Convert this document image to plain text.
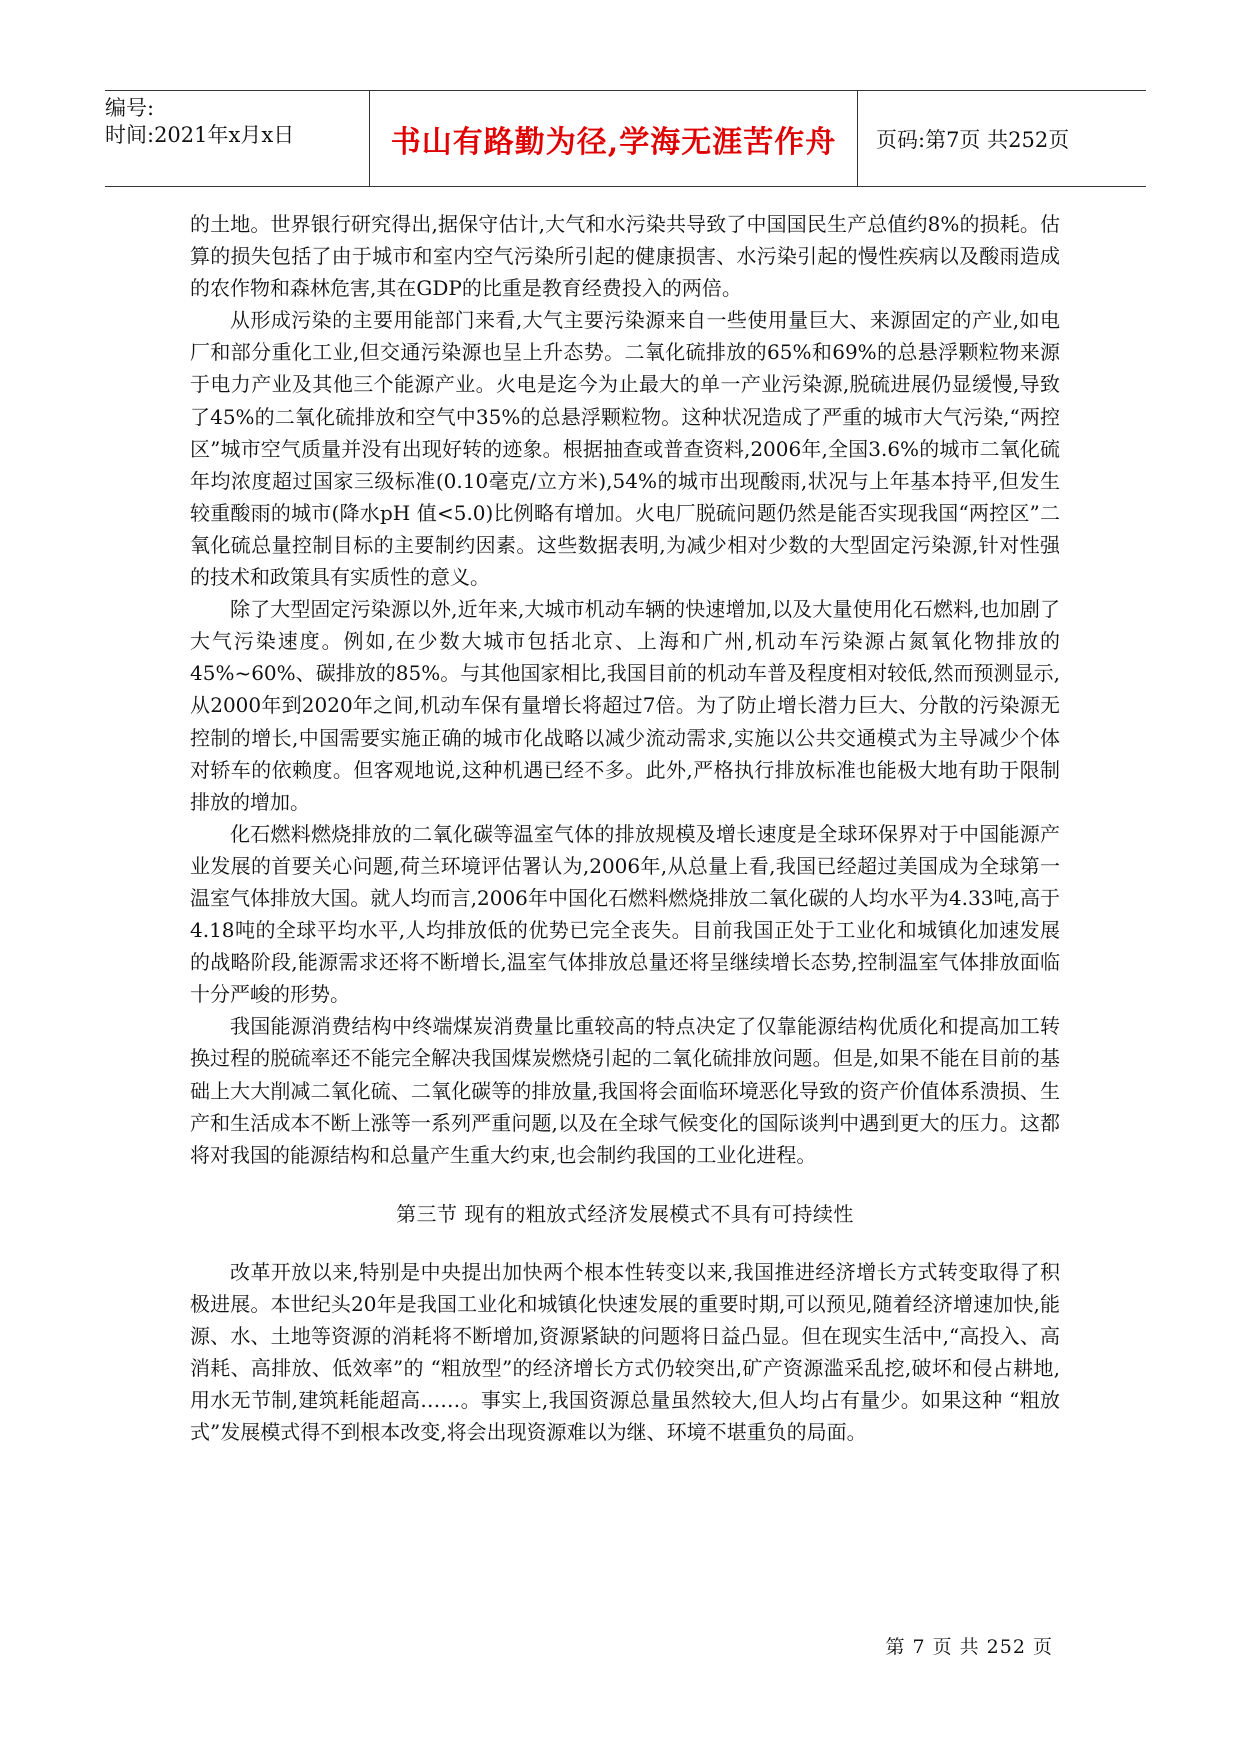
编号:
时间:2021年x月x日	书山有路勤为径,学海无涯苦作舟 页码:第7页 共252页

的土地。世界银行研究得出,据保守估计,大气和水污染共导致了中国国民生产总值约8%的损耗。估算的损失包括了由于城市和室内空气污染所引起的健康损害、水污染引起的慢性疾病以及酸雨造成的农作物和森林危害,其在GDP的比重是教育经费投入的两倍。

从形成污染的主要用能部门来看,大气主要污染源来自一些使用量巨大、来源固定的产业,如电厂和部分重化工业,但交通污染源也呈上升态势。二氧化硫排放的65%和69%的总悬浮颗粒物来源于电力产业及其他三个能源产业。火电是迄今为止最大的单一产业污染源,脱硫进展仍显缓慢,导致了45%的二氧化硫排放和空气中35%的总悬浮颗粒物。这种状况造成了严重的城市大气污染,“两控区”城市空气质量并没有出现好转的迹象。根据抽查或普查资料,2006年,全国3.6%的城市二氧化硫年均浓度超过国家三级标准(0.10毫克/立方米),54%的城市出现酸雨,状况与上年基本持平,但发生较重酸雨的城市(降水pH 值<5.0)比例略有增加。火电厂脱硫问题仍然是能否实现我国“两控区”二氧化硫总量控制目标的主要制约因素。这些数据表明,为减少相对少数的大型固定污染源,针对性强的技术和政策具有实质性的意义。

除了大型固定污染源以外,近年来,大城市机动车辆的快速增加,以及大量使用化石燃料,也加剧了大气污染速度。例如,在少数大城市包括北京、上海和广州,机动车污染源占氮氧化物排放的45%~60%、碳排放的85%。与其他国家相比,我国目前的机动车普及程度相对较低,然而预测显示,从2000年到2020年之间,机动车保有量增长将超过7倍。为了防止增长潜力巨大、分散的污染源无控制的增长,中国需要实施正确的城市化战略以减少流动需求,实施以公共交通模式为主导减少个体对轿车的依赖度。但客观地说,这种机遇已经不多。此外,严格执行排放标准也能极大地有助于限制排放的增加。

化石燃料燃烧排放的二氧化碳等温室气体的排放规模及增长速度是全球环保界对于中国能源产业发展的首要关心问题,荷兰环境评估署认为,2006年,从总量上看,我国已经超过美国成为全球第一温室气体排放大国。就人均而言,2006年中国化石燃料燃烧排放二氧化碳的人均水平为4.33吨,高于4.18吨的全球平均水平,人均排放低的优势已完全丧失。目前我国正处于工业化和城镇化加速发展的战略阶段,能源需求还将不断增长,温室气体排放总量还将呈继续增长态势,控制温室气体排放面临十分严峻的形势。

我国能源消费结构中终端煤炭消费量比重较高的特点决定了仅靠能源结构优质化和提高加工转换过程的脱硫率还不能完全解决我国煤炭燃烧引起的二氧化硫排放问题。但是,如果不能在目前的基础上大大削减二氧化硫、二氧化碳等的排放量,我国将会面临环境恶化导致的资产价值体系溃损、生产和生活成本不断上涨等一系列严重问题,以及在全球气候变化的国际谈判中遇到更大的压力。这都将对我国的能源结构和总量产生重大约束,也会制约我国的工业化进程。

第三节 现有的粗放式经济发展模式不具有可持续性

改革开放以来,特别是中央提出加快两个根本性转变以来,我国推进经济增长方式转变取得了积极进展。本世纪头20年是我国工业化和城镇化快速发展的重要时期,可以预见,随着经济增速加快,能源、水、土地等资源的消耗将不断增加,资源紧缺的问题将日益凸显。但在现实生活中,“高投入、高消耗、高排放、低效率”的 “粗放型”的经济增长方式仍较突出,矿产资源滥采乱挖,破坏和侵占耕地,用水无节制,建筑耗能超高……。事实上,我国资源总量虽然较大,但人均占有量少。如果这种 “粗放式”发展模式得不到根本改变,将会出现资源难以为继、环境不堪重负的局面。

第 7 页 共 252 页
